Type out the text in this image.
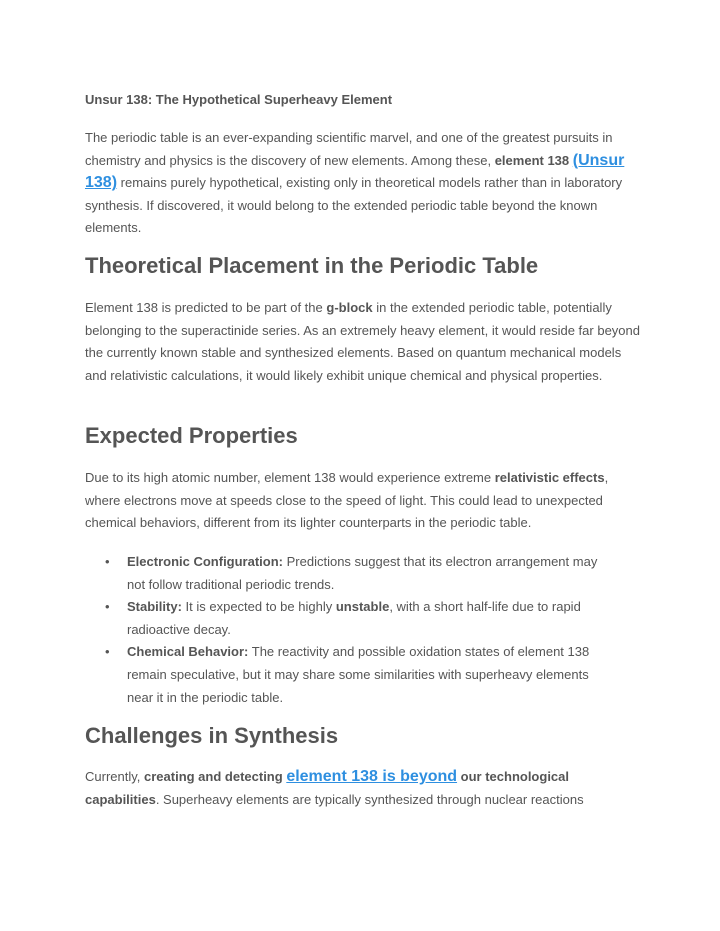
Unsur 138: The Hypothetical Superheavy Element

The periodic table is an ever-expanding scientific marvel, and one of the greatest pursuits in chemistry and physics is the discovery of new elements. Among these, element 138 (Unsur 138) remains purely hypothetical, existing only in theoretical models rather than in laboratory synthesis. If discovered, it would belong to the extended periodic table beyond the known elements.

Theoretical Placement in the Periodic Table

Element 138 is predicted to be part of the g-block in the extended periodic table, potentially belonging to the superactinide series. As an extremely heavy element, it would reside far beyond the currently known stable and synthesized elements. Based on quantum mechanical models and relativistic calculations, it would likely exhibit unique chemical and physical properties.

Expected Properties

Due to its high atomic number, element 138 would experience extreme relativistic effects, where electrons move at speeds close to the speed of light. This could lead to unexpected chemical behaviors, different from its lighter counterparts in the periodic table.

• Electronic Configuration: Predictions suggest that its electron arrangement may not follow traditional periodic trends.
• Stability: It is expected to be highly unstable, with a short half-life due to rapid radioactive decay.
• Chemical Behavior: The reactivity and possible oxidation states of element 138 remain speculative, but it may share some similarities with superheavy elements near it in the periodic table.
Challenges in Synthesis

Currently, creating and detecting element 138 is beyond our technological capabilities. Superheavy elements are typically synthesized through nuclear reactions
